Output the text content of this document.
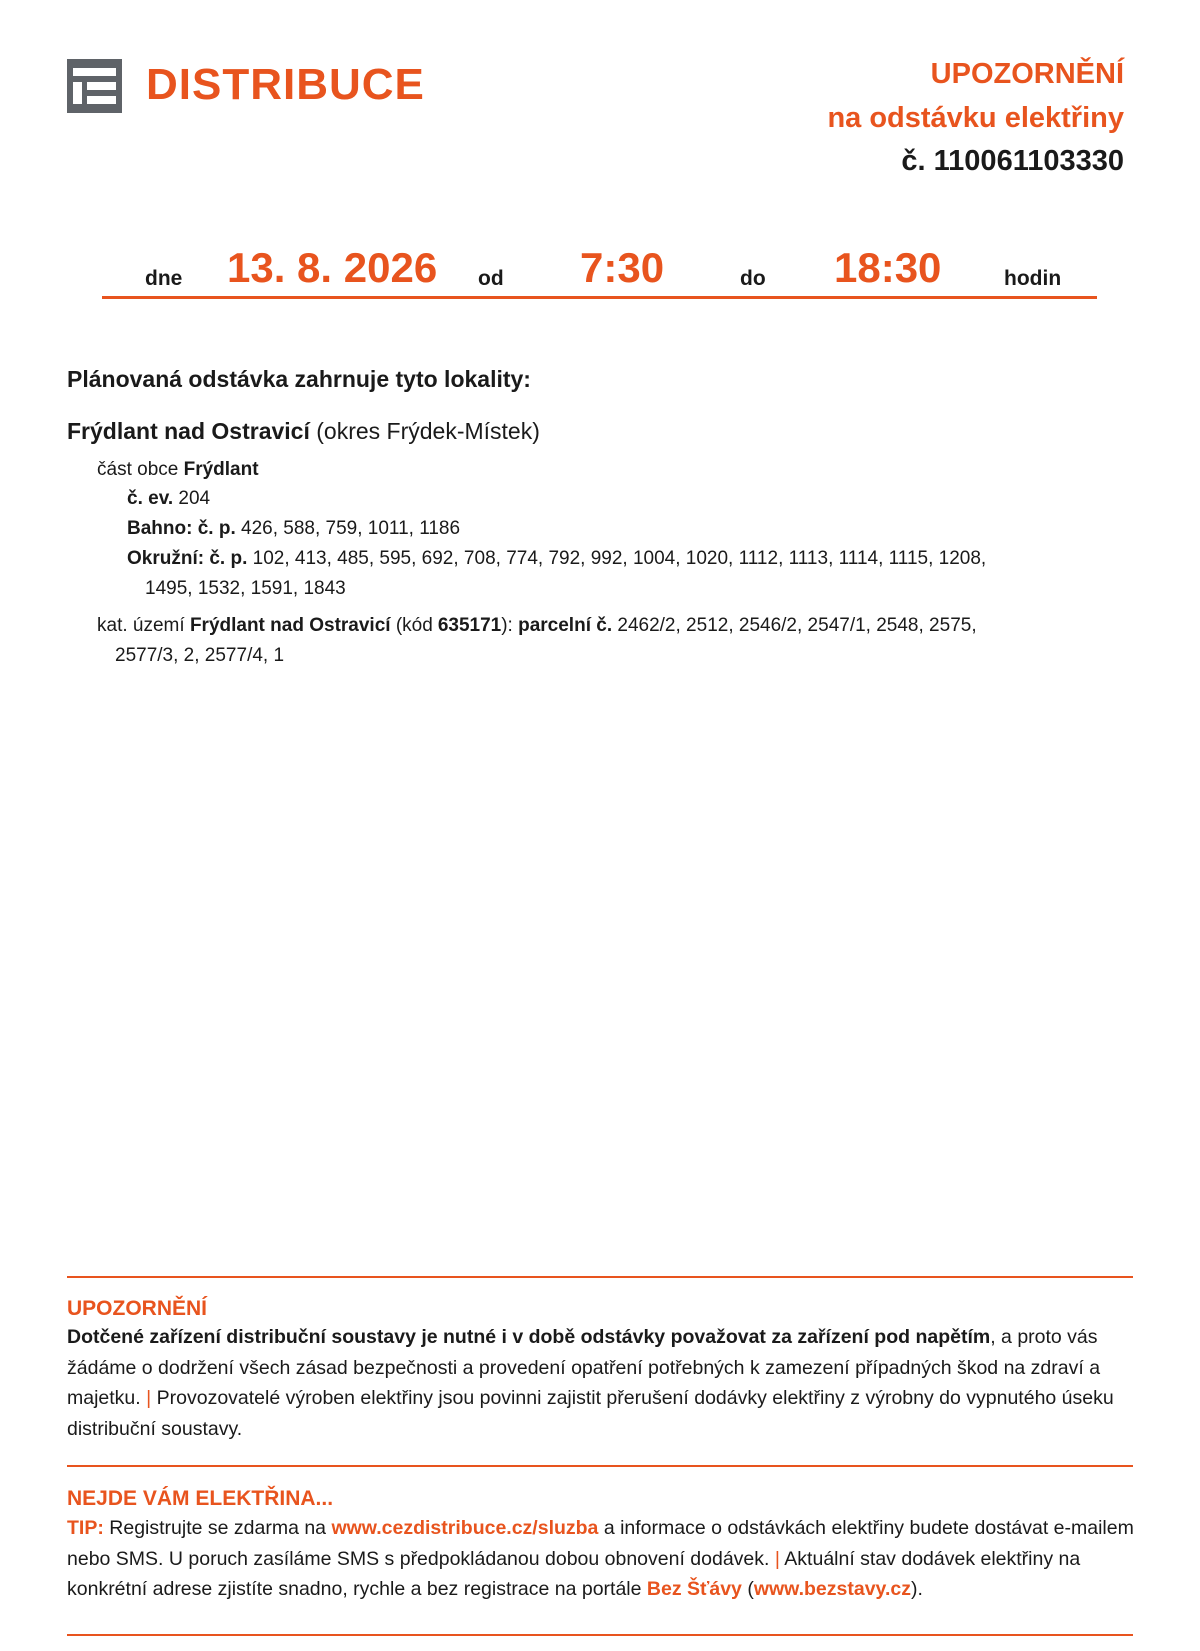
DISTRIBUCE	UPOZORNĚNÍ
na odstávku elektřiny
č. 110061103330
dne 13. 8. 2026 od 7:30	do 18:30	hodin
Plánovaná odstávka zahrnuje tyto lokality:
Frýdlant nad Ostravicí (okres Frýdek-Místek)
část obce Frýdlant
č. ev. 204
Bahno: č. p. 426, 588, 759, 1011, 1186
Okružní: č. p. 102, 413, 485, 595, 692, 708, 774, 792, 992, 1004, 1020, 1112, 1113, 1114, 1115, 1208,
1495, 1532, 1591, 1843
kat. území Frýdlant nad Ostravicí (kód 635171): parcelní č. 2462/2, 2512, 2546/2, 2547/1, 2548, 2575,
2577/3, 2, 2577/4, 1
UPOZORNĚNÍ
Dotčené zařízení distribuční soustavy je nutné i v době odstávky považovat za zařízení pod napětím, a proto vás žádáme o dodržení všech zásad bezpečnosti a provedení opatření potřebných k zamezení případných škod na zdraví a majetku. | Provozovatelé výroben elektřiny jsou povinni zajistit přerušení dodávky elektřiny z výrobny do vypnutého úseku distribuční soustavy.
NEJDE VÁM ELEKTŘINA...
TIP: Registrujte se zdarma na www.cezdistribuce.cz/sluzba a informace o odstávkách elektřiny budete dostávat e-mailem nebo SMS. U poruch zasíláme SMS s předpokládanou dobou obnovení dodávek. | Aktuální stav dodávek elektřiny na konkrétní adrese zjistíte snadno, rychle a bez registrace na portále Bez Šťávy (www.bezstavy.cz).
